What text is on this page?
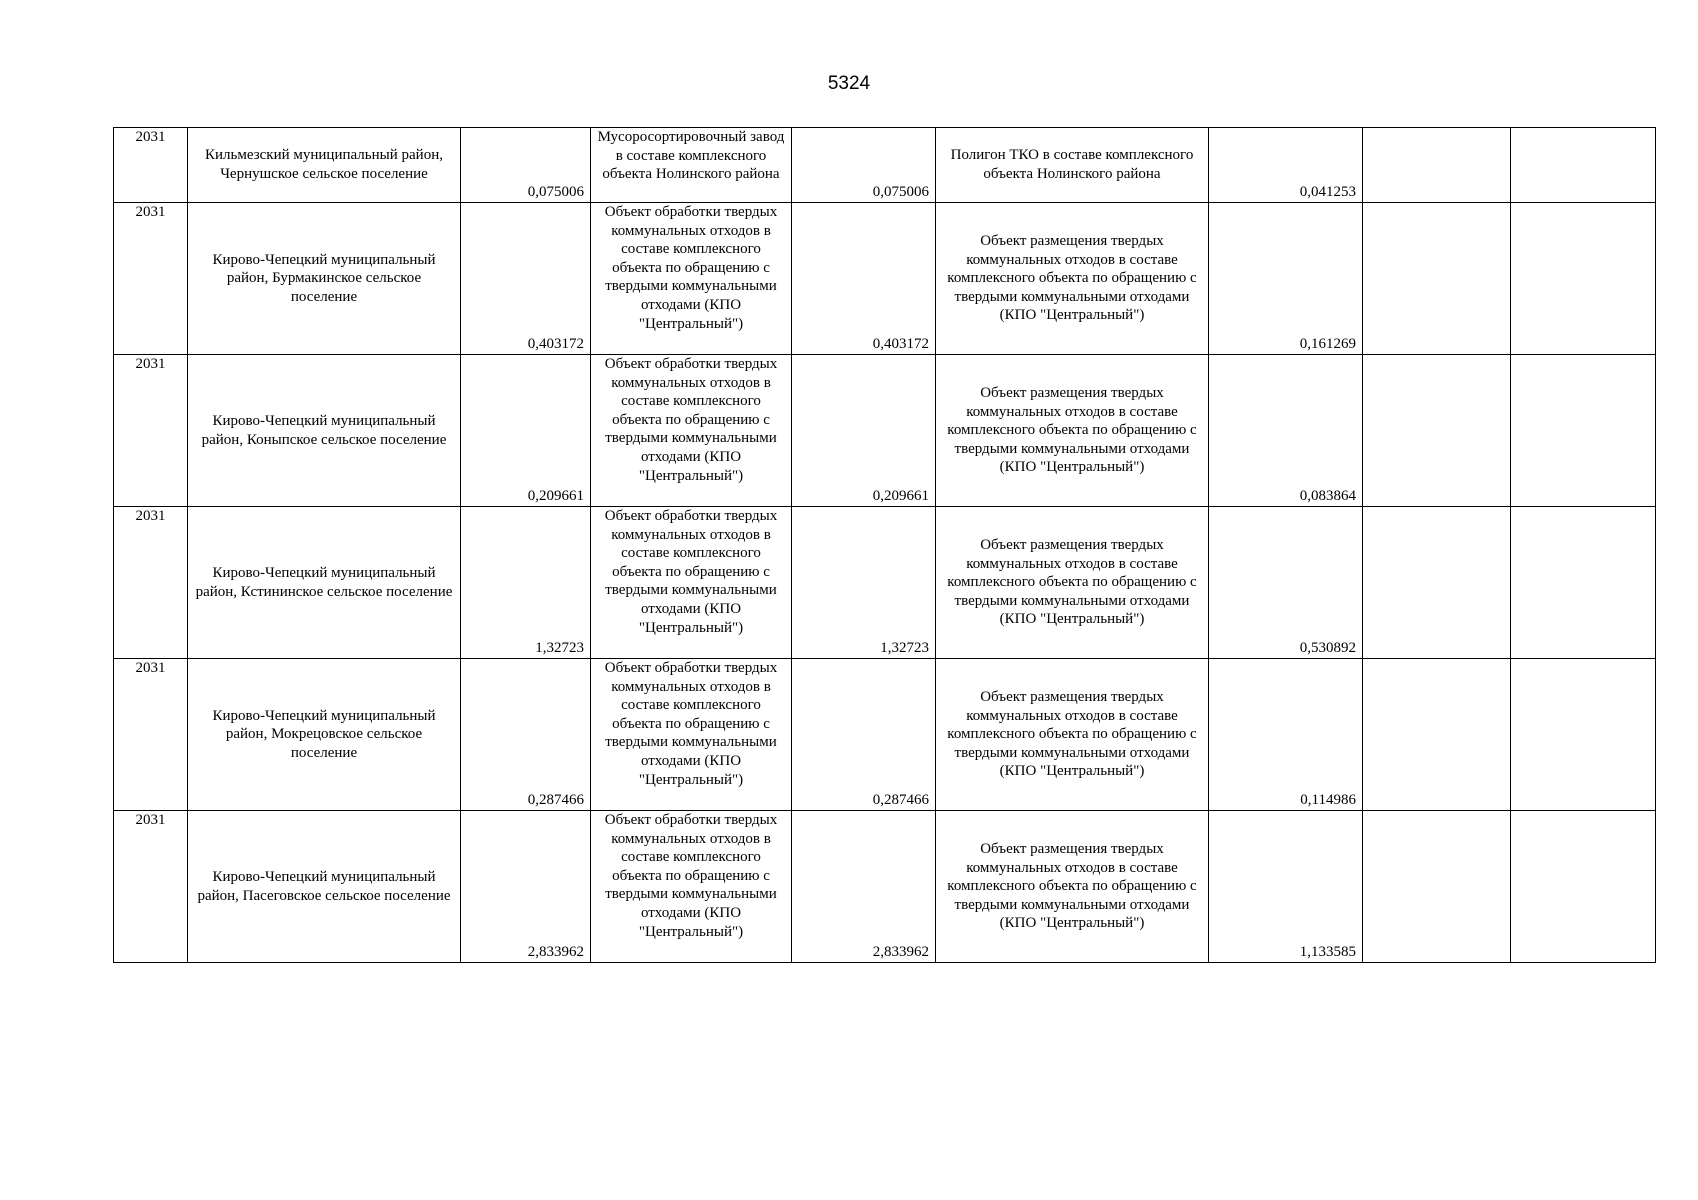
5324
2031	Кильмезский муниципальный район, Чернушское сельское поселение	0,075006	Мусоросортировочный завод в составе комплексного объекта Нолинского района	0,075006	Полигон ТКО в составе комплексного объекта Нолинского района	0,041253		
2031	Кирово-Чепецкий муниципальный район, Бурмакинское сельское поселение	0,403172	Объект обработки твердых коммунальных отходов в составе комплексного объекта по обращению с твердыми коммунальными отходами (КПО "Центральный")	0,403172	Объект размещения твердых коммунальных отходов в составе комплексного объекта по обращению с твердыми коммунальными отходами (КПО "Центральный")	0,161269		
2031	Кирово-Чепецкий муниципальный район, Коныпское сельское поселение	0,209661	Объект обработки твердых коммунальных отходов в составе комплексного объекта по обращению с твердыми коммунальными отходами (КПО "Центральный")	0,209661	Объект размещения твердых коммунальных отходов в составе комплексного объекта по обращению с твердыми коммунальными отходами (КПО "Центральный")	0,083864		
2031	Кирово-Чепецкий муниципальный район, Кстининское сельское поселение	1,32723	Объект обработки твердых коммунальных отходов в составе комплексного объекта по обращению с твердыми коммунальными отходами (КПО "Центральный")	1,32723	Объект размещения твердых коммунальных отходов в составе комплексного объекта по обращению с твердыми коммунальными отходами (КПО "Центральный")	0,530892		
2031	Кирово-Чепецкий муниципальный район, Мокрецовское сельское поселение	0,287466	Объект обработки твердых коммунальных отходов в составе комплексного объекта по обращению с твердыми коммунальными отходами (КПО "Центральный")	0,287466	Объект размещения твердых коммунальных отходов в составе комплексного объекта по обращению с твердыми коммунальными отходами (КПО "Центральный")	0,114986		
2031	Кирово-Чепецкий муниципальный район, Пасеговское сельское поселение	2,833962	Объект обработки твердых коммунальных отходов в составе комплексного объекта по обращению с твердыми коммунальными отходами (КПО "Центральный")	2,833962	Объект размещения твердых коммунальных отходов в составе комплексного объекта по обращению с твердыми коммунальными отходами (КПО "Центральный")	1,133585		
